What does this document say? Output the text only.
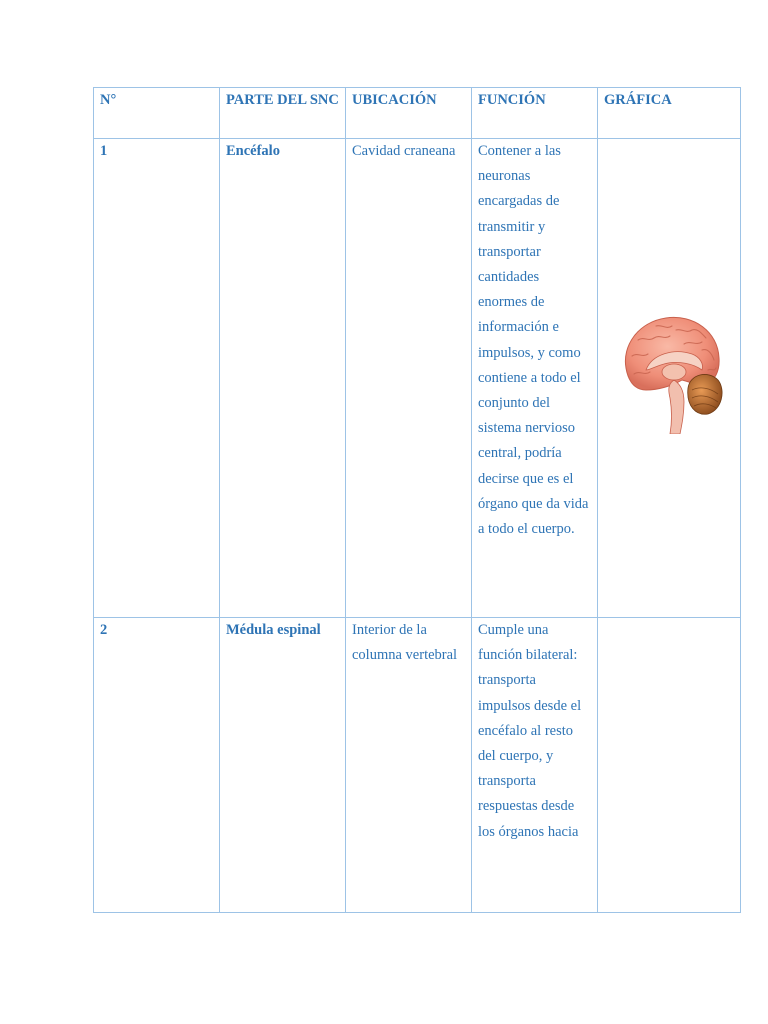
N°	PARTE DEL SNC	UBICACIÓN	FUNCIÓN	GRÁFICA
1	Encéfalo	Cavidad craneana	Contener a las neuronas encargadas de transmitir y transportar cantidades enormes de información e impulsos, y como contiene a todo el conjunto del sistema nervioso central, podría decirse que es el órgano que da vida a todo el cuerpo.	

2	Médula espinal	Interior de la columna vertebral	Cumple una función bilateral: transporta impulsos desde el encéfalo al resto del cuerpo, y transporta respuestas desde los órganos hacia	
